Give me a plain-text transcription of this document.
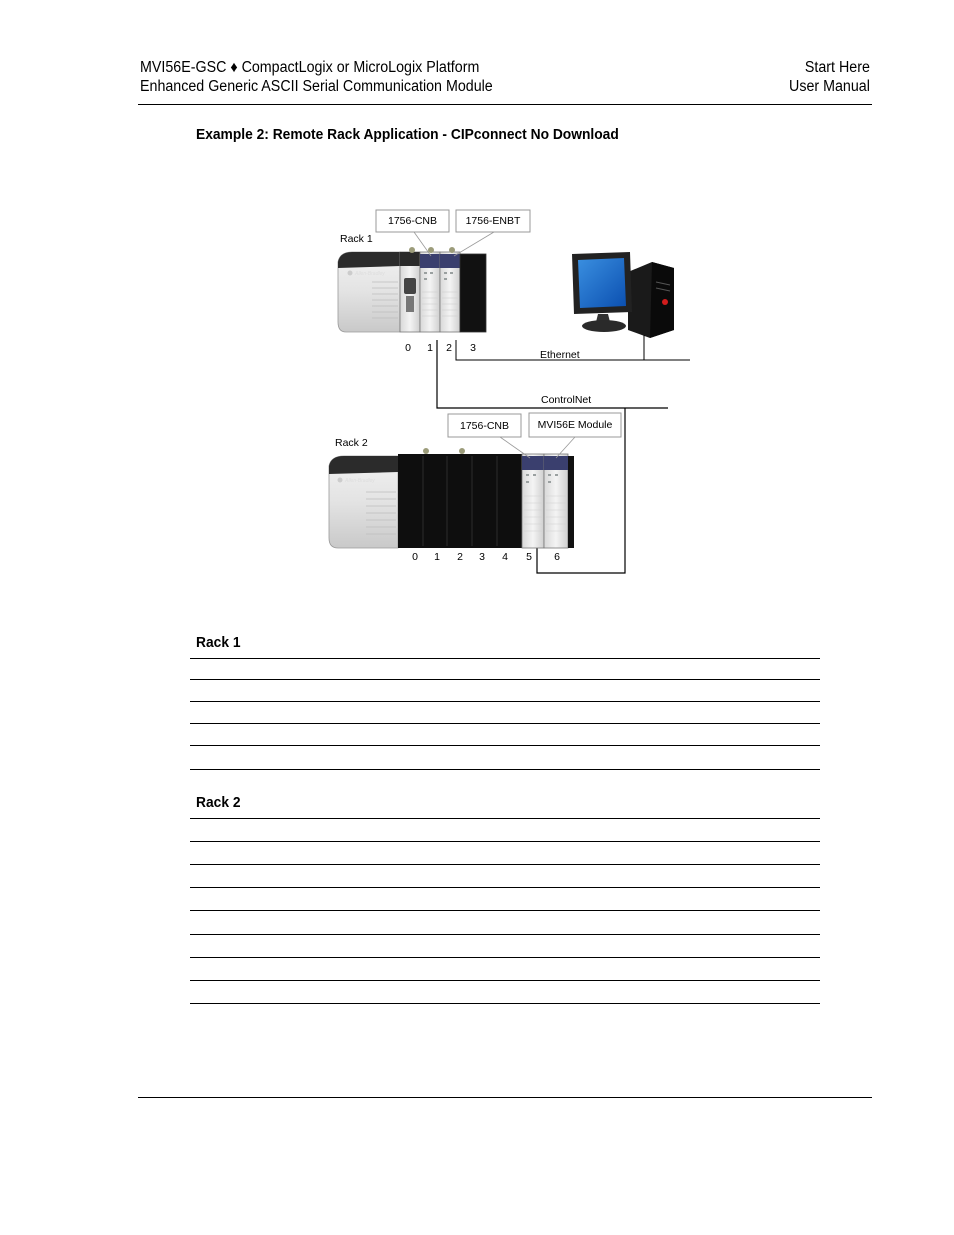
MVI56E-GSC ♦ CompactLogix or MicroLogix Platform
Enhanced Generic ASCII Serial Communication Module
Start Here
User Manual
Example 2: Remote Rack Application - CIPconnect No Download
Rack 1
Allen-Bradley
1756-CNB	1756-ENBT
0 1 2 3
Ethernet
ControlNet
Rack 2
Allen-Bradley
1756-CNB	MVI56E Module
0 1 2 3 4 5 6
Rack 1
Rack 2
